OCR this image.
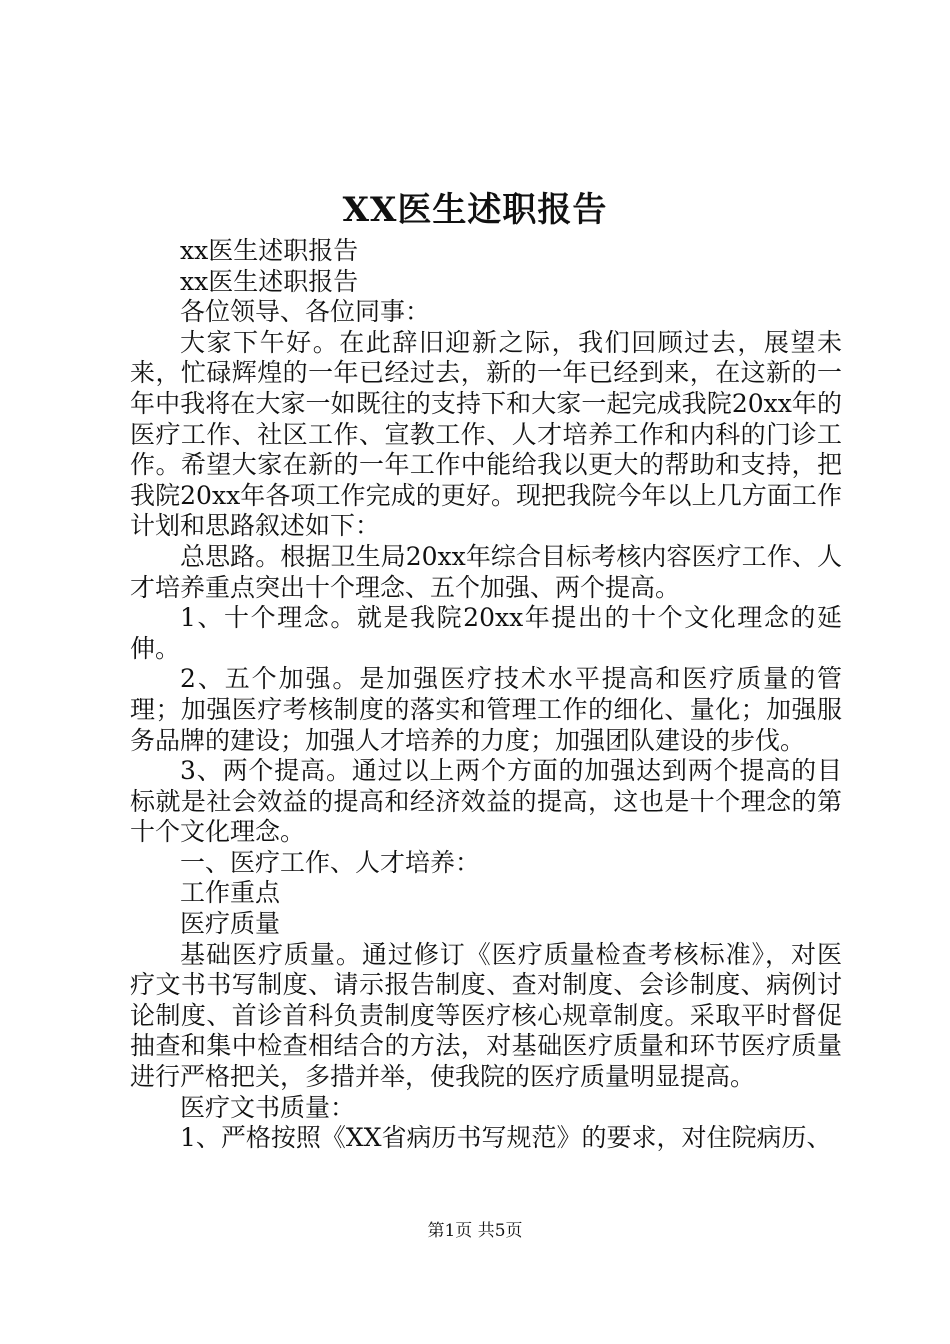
XX医生述职报告

xx医生述职报告

xx医生述职报告

各位领导、各位同事：

大家下午好。在此辞旧迎新之际，我们回顾过去，展望未来，忙碌辉煌的一年已经过去，新的一年已经到来，在这新的一年中我将在大家一如既往的支持下和大家一起完成我院20xx年的医疗工作、社区工作、宣教工作、人才培养工作和内科的门诊工作。希望大家在新的一年工作中能给我以更大的帮助和支持，把我院20xx年各项工作完成的更好。现把我院今年以上几方面工作计划和思路叙述如下：

总思路。根据卫生局20xx年综合目标考核内容医疗工作、人才培养重点突出十个理念、五个加强、两个提高。

1、十个理念。就是我院20xx年提出的十个文化理念的延伸。

2、五个加强。是加强医疗技术水平提高和医疗质量的管理；加强医疗考核制度的落实和管理工作的细化、量化；加强服务品牌的建设；加强人才培养的力度；加强团队建设的步伐。

3、两个提高。通过以上两个方面的加强达到两个提高的目标就是社会效益的提高和经济效益的提高，这也是十个理念的第十个文化理念。

一、医疗工作、人才培养：

工作重点

医疗质量

基础医疗质量。通过修订《医疗质量检查考核标准》，对医疗文书书写制度、请示报告制度、查对制度、会诊制度、病例讨论制度、首诊首科负责制度等医疗核心规章制度。采取平时督促抽查和集中检查相结合的方法，对基础医疗质量和环节医疗质量进行严格把关，多措并举，使我院的医疗质量明显提高。

医疗文书质量：

1、严格按照《XX省病历书写规范》的要求，对住院病历、

第1页 共5页
